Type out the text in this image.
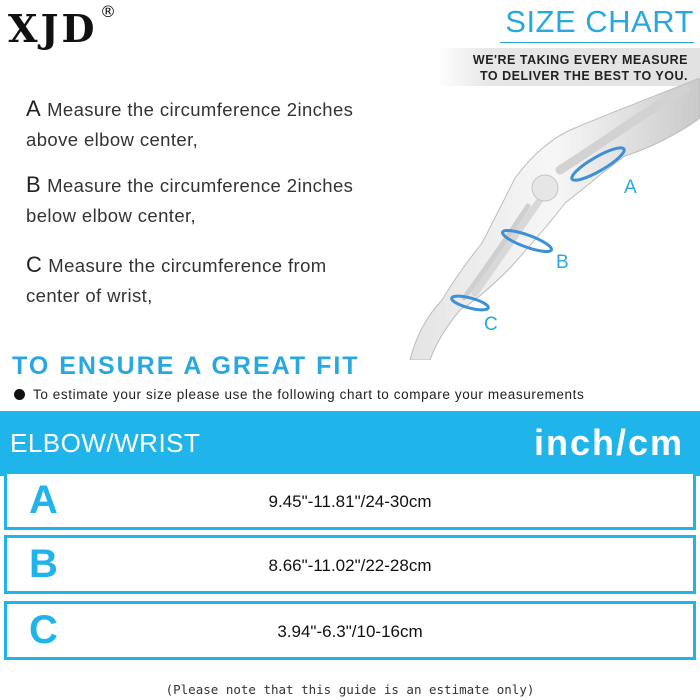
XJD ®	SIZE CHART
WE'RE TAKING EVERY MEASURE
TO DELIVER THE BEST TO YOU.
A Measure the circumference 2inches
above elbow center,
B Measure the circumference 2inches
below elbow center,
C Measure the circumference from
center of wrist,
A
B
C
TO ENSURE A GREAT FIT
To estimate your size please use the following chart to compare your measurements
ELBOW/WRIST	inch/cm
A	9.45"-11.81"/24-30cm
B	8.66"-11.02"/22-28cm
C	3.94"-6.3"/10-16cm
(Please note that this guide is an estimate only)
